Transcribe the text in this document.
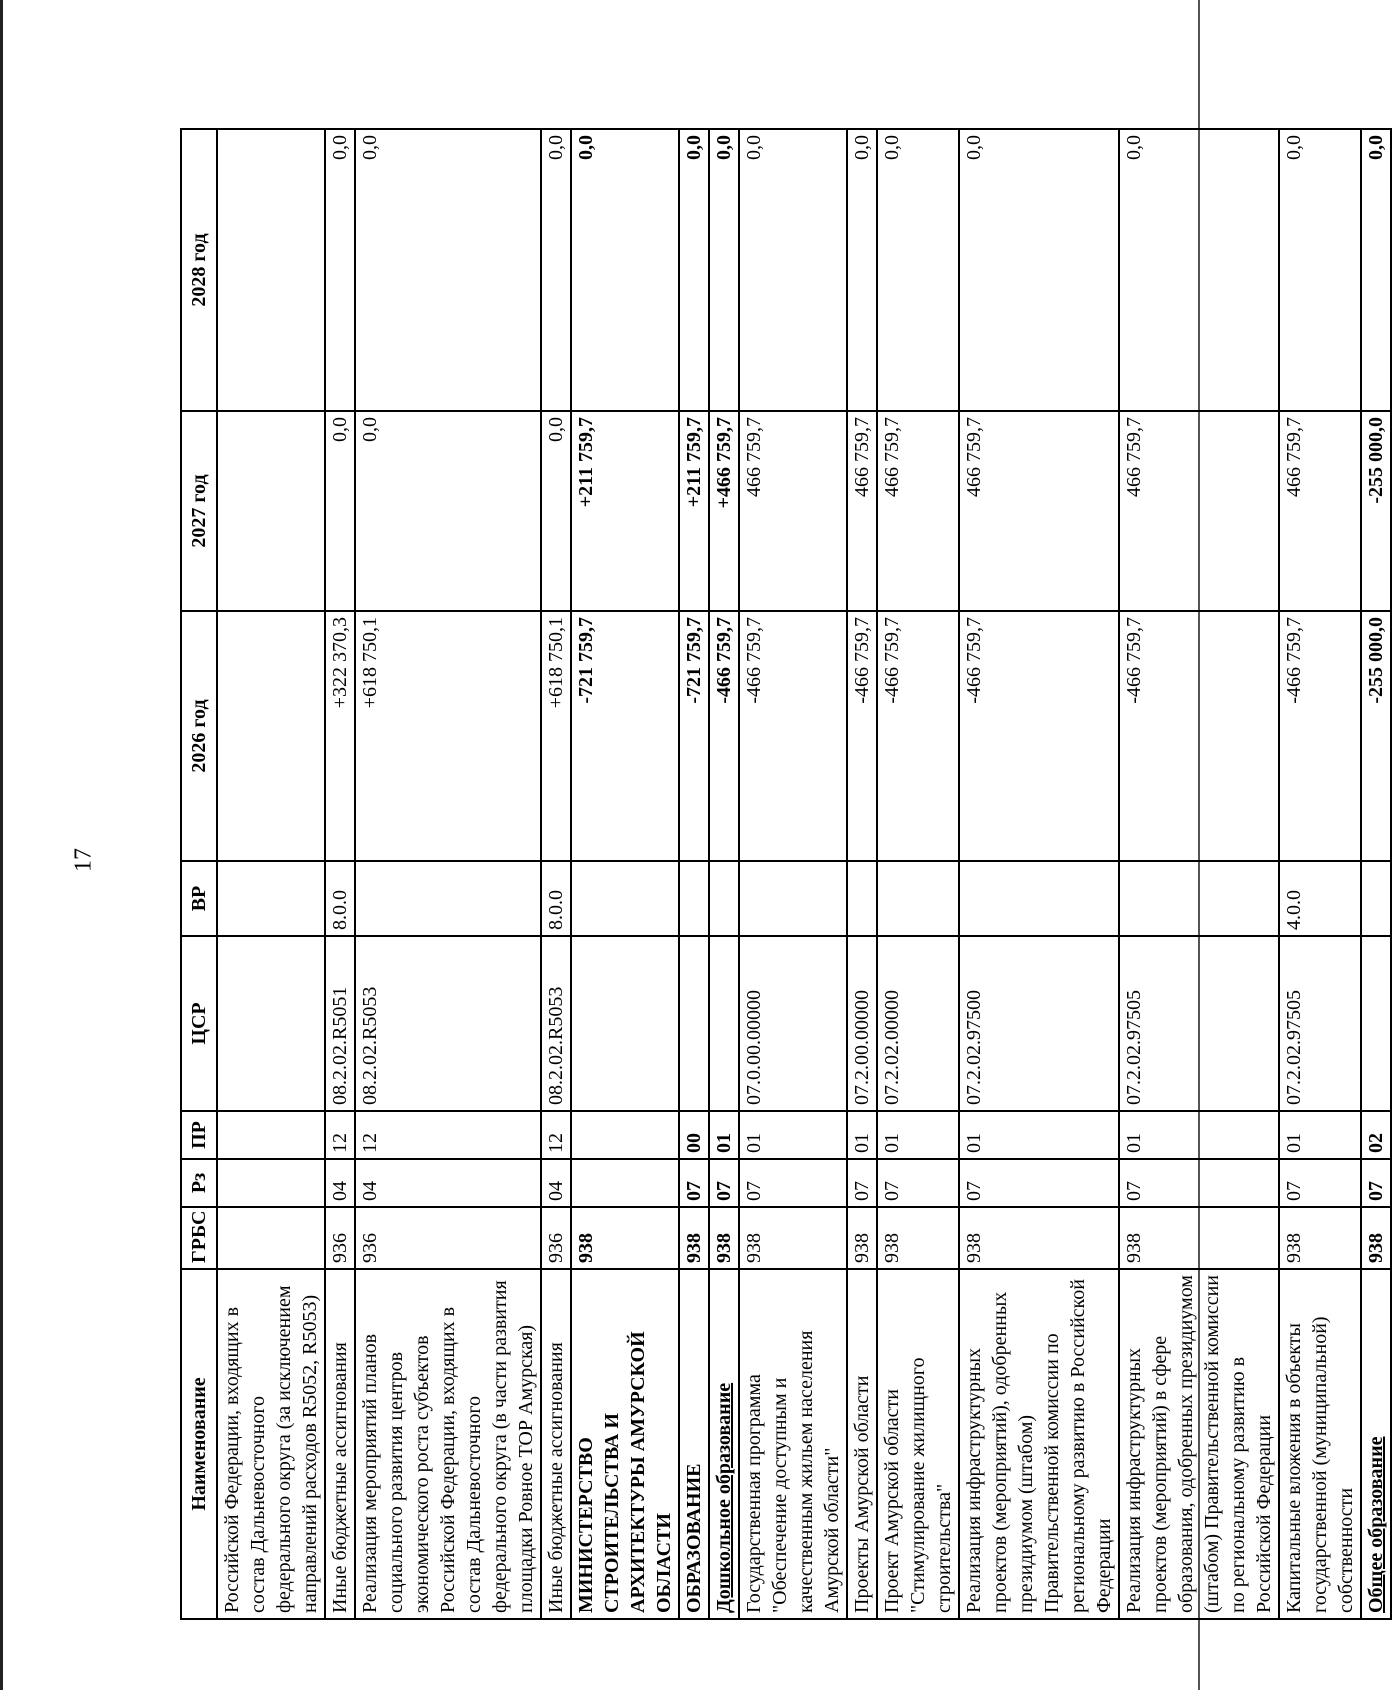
17
Наименование	ГРБС	Рз	ПР	ЦСР	ВР	2026 год	2027 год	2028 год
Российской Федерации, входящих в состав Дальневосточного федерального округа (за исключением направлений расходов R5052, R5053)								
Иные бюджетные ассигнования	936	04	12	08.2.02.R5051	8.0.0	+322 370,3	0,0	0,0
Реализация мероприятий планов социального развития центров экономического роста субъектов Российской Федерации, входящих в состав Дальневосточного федерального округа (в части развития площадки Ровное ТОР Амурская)	936	04	12	08.2.02.R5053		+618 750,1	0,0	0,0
Иные бюджетные ассигнования	936	04	12	08.2.02.R5053	8.0.0	+618 750,1	0,0	0,0
МИНИСТЕРСТВО СТРОИТЕЛЬСТВА И АРХИТЕКТУРЫ АМУРСКОЙ ОБЛАСТИ	938					-721 759,7	+211 759,7	0,0
ОБРАЗОВАНИЕ	938	07	00			-721 759,7	+211 759,7	0,0
Дошкольное образование	938	07	01			-466 759,7	+466 759,7	0,0
Государственная программа "Обеспечение доступным и качественным жильем населения Амурской области"	938	07	01	07.0.00.00000		-466 759,7	466 759,7	0,0
Проекты Амурской области	938	07	01	07.2.00.00000		-466 759,7	466 759,7	0,0
Проект Амурской области "Стимулирование жилищного строительства"	938	07	01	07.2.02.00000		-466 759,7	466 759,7	0,0
Реализация инфраструктурных проектов (мероприятий), одобренных президиумом (штабом) Правительственной комиссии по региональному развитию в Российской Федерации	938	07	01	07.2.02.97500		-466 759,7	466 759,7	0,0
Реализация инфраструктурных проектов (мероприятий) в сфере образования, одобренных президиумом (штабом) Правительственной комиссии по региональному развитию в Российской Федерации	938	07	01	07.2.02.97505		-466 759,7	466 759,7	0,0
Капитальные вложения в объекты государственной (муниципальной) собственности	938	07	01	07.2.02.97505	4.0.0	-466 759,7	466 759,7	0,0
Общее образование	938	07	02			-255 000,0	-255 000,0	0,0
